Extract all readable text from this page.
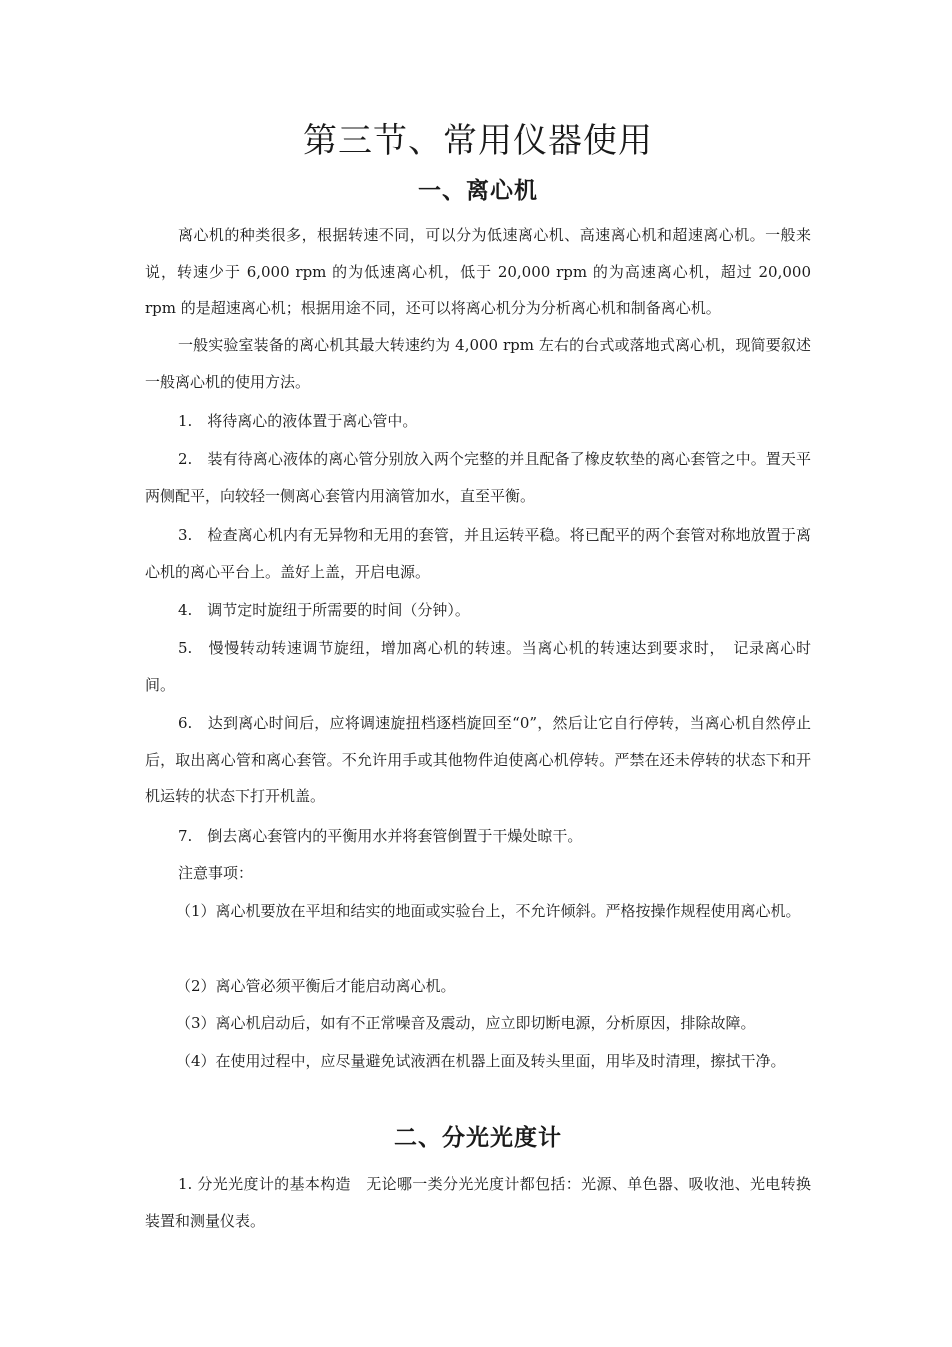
第三节、常用仪器使用
一、离心机

离心机的种类很多，根据转速不同，可以分为低速离心机、高速离心机和超速离心机。一般来说，转速少于 6,000 rpm 的为低速离心机，低于 20,000 rpm 的为高速离心机，超过 20,000 rpm 的是超速离心机；根据用途不同，还可以将离心机分为分析离心机和制备离心机。

一般实验室装备的离心机其最大转速约为 4,000 rpm 左右的台式或落地式离心机，现简要叙述一般离心机的使用方法。

1.　将待离心的液体置于离心管中。

2.　装有待离心液体的离心管分别放入两个完整的并且配备了橡皮软垫的离心套管之中。置天平两侧配平，向较轻一侧离心套管内用滴管加水，直至平衡。

3.　检查离心机内有无异物和无用的套管，并且运转平稳。将已配平的两个套管对称地放置于离心机的离心平台上。盖好上盖，开启电源。

4.　调节定时旋纽于所需要的时间（分钟）。

5.　慢慢转动转速调节旋纽，增加离心机的转速。当离心机的转速达到要求时，　记录离心时间。

6.　达到离心时间后，应将调速旋扭档逐档旋回至“0”，然后让它自行停转，当离心机自然停止后，取出离心管和离心套管。不允许用手或其他物件迫使离心机停转。严禁在还未停转的状态下和开机运转的状态下打开机盖。

7.　倒去离心套管内的平衡用水并将套管倒置于干燥处晾干。

注意事项：

（1）离心机要放在平坦和结实的地面或实验台上，不允许倾斜。严格按操作规程使用离心机。

（2）离心管必须平衡后才能启动离心机。

（3）离心机启动后，如有不正常噪音及震动，应立即切断电源，分析原因，排除故障。

（4）在使用过程中，应尽量避免试液洒在机器上面及转头里面，用毕及时清理，擦拭干净。

二、分光光度计

1. 分光光度计的基本构造　无论哪一类分光光度计都包括：光源、单色器、吸收池、光电转换装置和测量仪表。
